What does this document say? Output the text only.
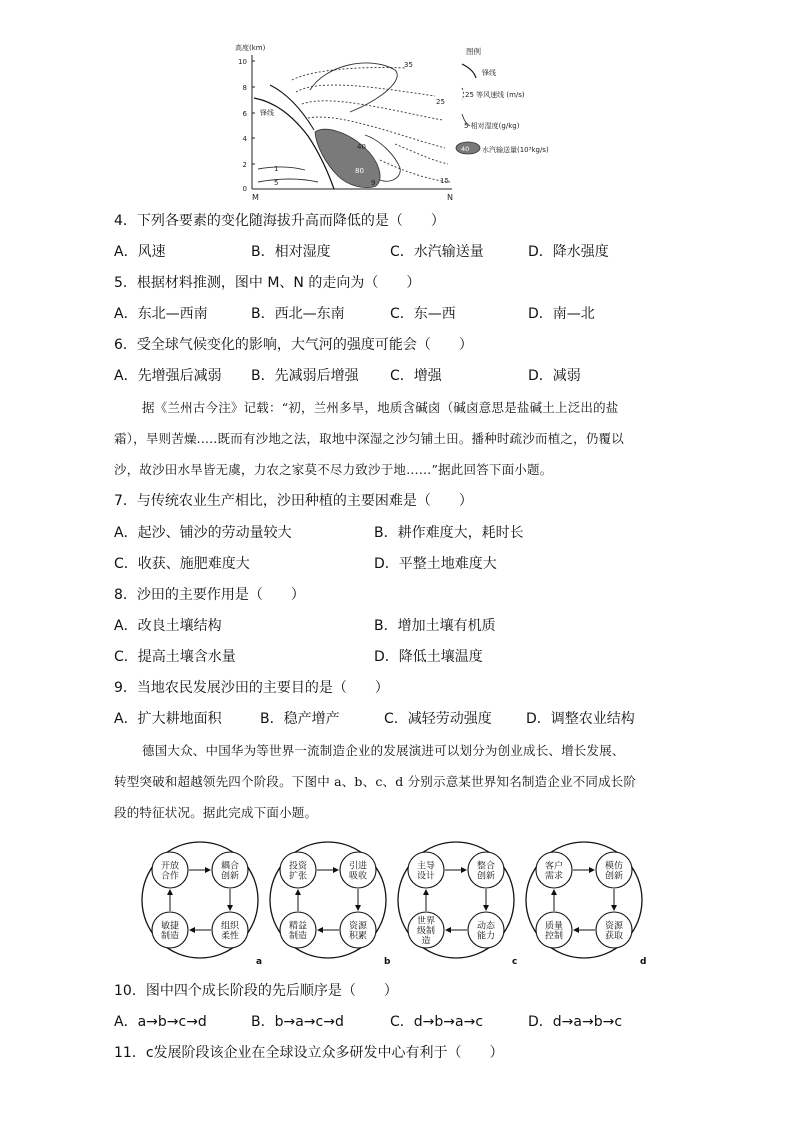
高度(km)
10
8
6
4
2
0
M	N
35
25
15
40
80
9
1
5
锋线
图例
锋线
25 等风速线 (m/s)
5 相对湿度(g/kg)
40 水汽输送量(10³kg/s)
4．下列各要素的变化随海拔升高而降低的是（　　）
A．风速	B．相对湿度	C．水汽输送量	D．降水强度
5．根据材料推测，图中 M、N 的走向为（　　）
A．东北—西南	B．西北—东南	C．东—西	D．南—北
6．受全球气候变化的影响，大气河的强度可能会（　　）
A．先增强后减弱 B．先减弱后增强 C．增强	D．减弱
据《兰州古今注》记载：“初，兰州多旱，地质含碱卤（碱卤意思是盐碱土上泛出的盐
霜），旱则苦燥.....既而有沙地之法，取地中深湿之沙匀铺土田。播种时疏沙而植之，仍覆以
沙，故沙田水旱皆无虞，力农之家莫不尽力致沙于地……”据此回答下面小题。
7．与传统农业生产相比，沙田种植的主要困难是（　　）
A．起沙、铺沙的劳动量较大	B．耕作难度大，耗时长
C．收获、施肥难度大	D．平整土地难度大
8．沙田的主要作用是（　　）
A．改良土壤结构	B．增加土壤有机质
C．提高土壤含水量	D．降低土壤温度
9．当地农民发展沙田的主要目的是（　　）
A．扩大耕地面积	B．稳产增产	C．减轻劳动强度 D．调整农业结构
德国大众、中国华为等世界一流制造企业的发展演进可以划分为创业成长、增长发展、
转型突破和超越领先四个阶段。下图中 a、b、c、d 分别示意某世界知名制造企业不同成长阶
段的特征状况。据此完成下面小题。
开放
合作
耦合
创新
组织
柔性
敏捷
制造
a
投资
扩张
引进
吸收
资源
积累
精益
制造
b
主导
设计
整合
创新
动态
能力
世界
级制
造
c
客户
需求
模仿
创新
资源
获取
质量
控制
d
10．图中四个成长阶段的先后顺序是（　　）
A．a→b→c→d	B．b→a→c→d	C．d→b→a→c	D．d→a→b→c
11．c发展阶段该企业在全球设立众多研发中心有利于（　　）
